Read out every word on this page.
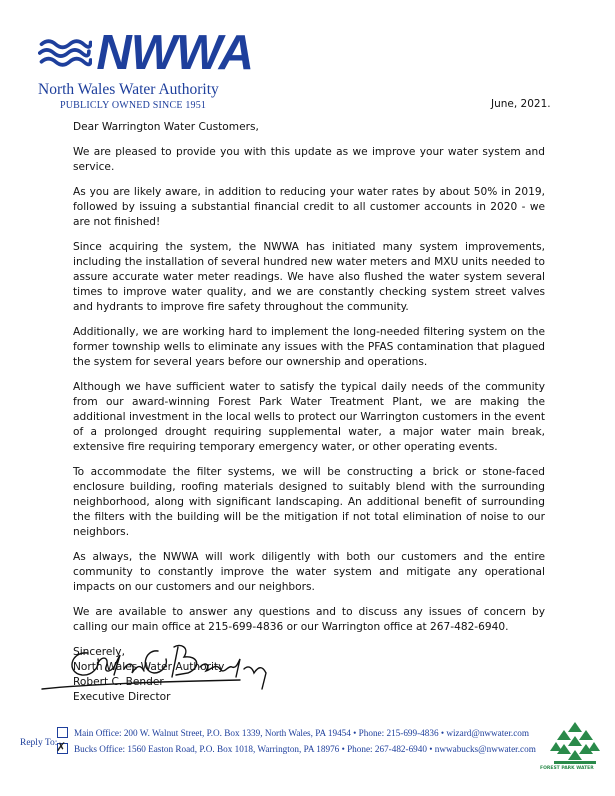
NWWA
North Wales Water Authority
PUBLICLY OWNED SINCE 1951	June, 2021.

Dear Warrington Water Customers,

We are pleased to provide you with this update as we improve your water system and service.

As you are likely aware, in addition to reducing your water rates by about 50% in 2019, followed by issuing a substantial financial credit to all customer accounts in 2020 - we are not finished!

Since acquiring the system, the NWWA has initiated many system improvements, including the installation of several hundred new water meters and MXU units needed to assure accurate water meter readings. We have also flushed the water system several times to improve water quality, and we are constantly checking system street valves and hydrants to improve fire safety throughout the community.

Additionally, we are working hard to implement the long-needed filtering system on the former township wells to eliminate any issues with the PFAS contamination that plagued the system for several years before our ownership and operations.

Although we have sufficient water to satisfy the typical daily needs of the community from our award-winning Forest Park Water Treatment Plant, we are making the additional investment in the local wells to protect our Warrington customers in the event of a prolonged drought requiring supplemental water, a major water main break, extensive fire requiring temporary emergency water, or other operating events.

To accommodate the filter systems, we will be constructing a brick or stone-faced enclosure building, roofing materials designed to suitably blend with the surrounding neighborhood, along with significant landscaping. An additional benefit of surrounding the filters with the building will be the mitigation if not total elimination of noise to our neighbors.

As always, the NWWA will work diligently with both our customers and the entire community to constantly improve the water system and mitigate any operational impacts on our customers and our neighbors.

We are available to answer any questions and to discuss any issues of concern by calling our main office at 215-699-4836 or our Warrington office at 267-482-6940.

Sincerely,

North Wales Water Authority

Robert C. Bender

Executive Director

Reply To:
Main Office: 200 W. Walnut Street, P.O. Box 1339, North Wales, PA 19454 • Phone: 215-699-4836 • wizard@nwwater.com
✗ Bucks Office: 1560 Easton Road, P.O. Box 1018, Warrington, PA 18976 • Phone: 267-482-6940 • nwwabucks@nwwater.com
FOREST PARK WATER
